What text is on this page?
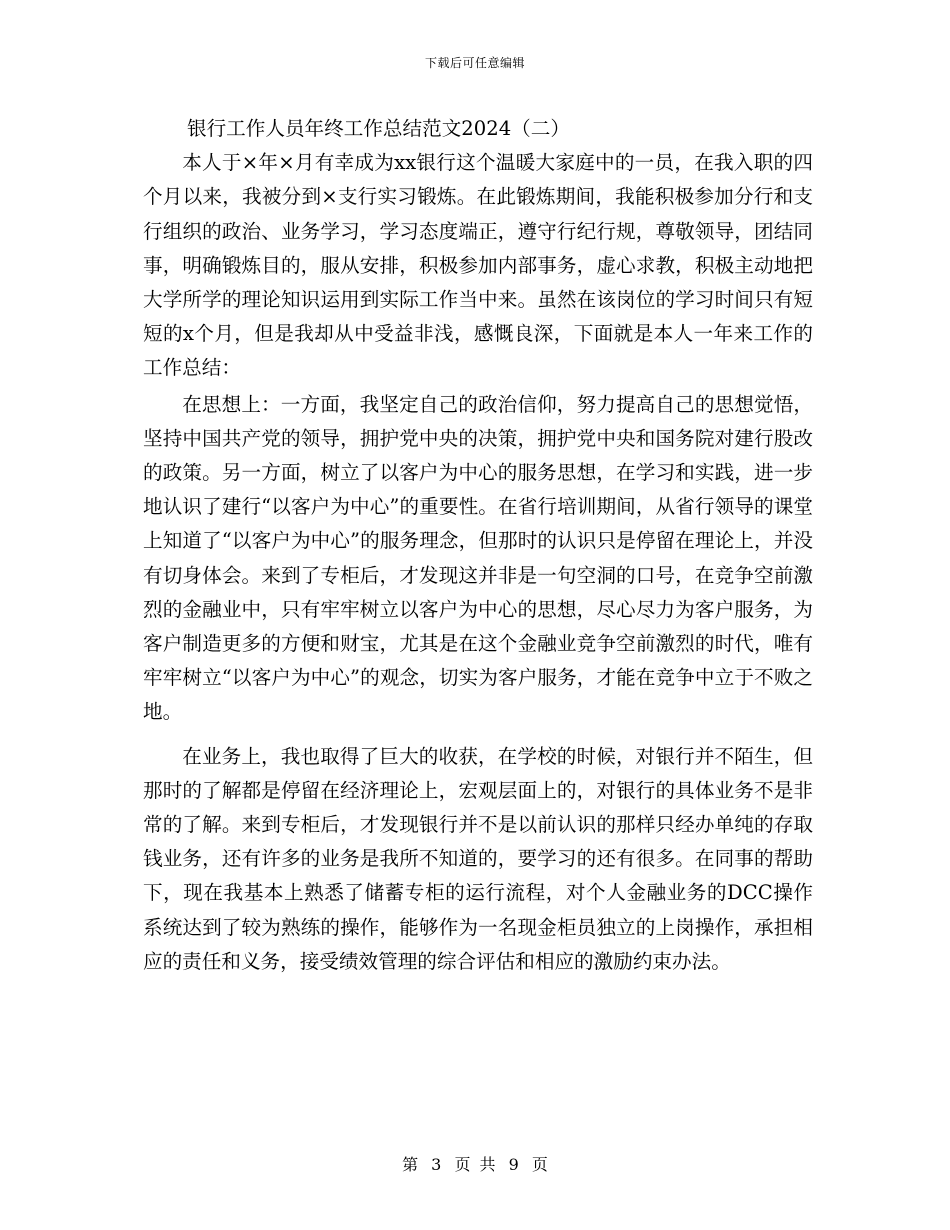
下载后可任意编辑
银行工作人员年终工作总结范文2024（二）

本人于×年×月有幸成为xx银行这个温暖大家庭中的一员，在我入职的四个月以来，我被分到×支行实习锻炼。在此锻炼期间，我能积极参加分行和支行组织的政治、业务学习，学习态度端正，遵守行纪行规，尊敬领导，团结同事，明确锻炼目的，服从安排，积极参加内部事务，虚心求教，积极主动地把大学所学的理论知识运用到实际工作当中来。虽然在该岗位的学习时间只有短短的x个月，但是我却从中受益非浅，感慨良深，下面就是本人一年来工作的工作总结：

在思想上：一方面，我坚定自己的政治信仰，努力提高自己的思想觉悟，坚持中国共产党的领导，拥护党中央的决策，拥护党中央和国务院对建行股改的政策。另一方面，树立了以客户为中心的服务思想，在学习和实践，进一步地认识了建行“以客户为中心”的重要性。在省行培训期间，从省行领导的课堂上知道了“以客户为中心”的服务理念，但那时的认识只是停留在理论上，并没有切身体会。来到了专柜后，才发现这并非是一句空洞的口号，在竞争空前激烈的金融业中，只有牢牢树立以客户为中心的思想，尽心尽力为客户服务，为客户制造更多的方便和财宝，尤其是在这个金融业竞争空前激烈的时代，唯有牢牢树立“以客户为中心”的观念，切实为客户服务，才能在竞争中立于不败之地。

在业务上，我也取得了巨大的收获，在学校的时候，对银行并不陌生，但那时的了解都是停留在经济理论上，宏观层面上的，对银行的具体业务不是非常的了解。来到专柜后，才发现银行并不是以前认识的那样只经办单纯的存取钱业务，还有许多的业务是我所不知道的，要学习的还有很多。在同事的帮助下，现在我基本上熟悉了储蓄专柜的运行流程，对个人金融业务的DCC操作系统达到了较为熟练的操作，能够作为一名现金柜员独立的上岗操作，承担相应的责任和义务，接受绩效管理的综合评估和相应的激励约束办法。

第 3 页 共 9 页
